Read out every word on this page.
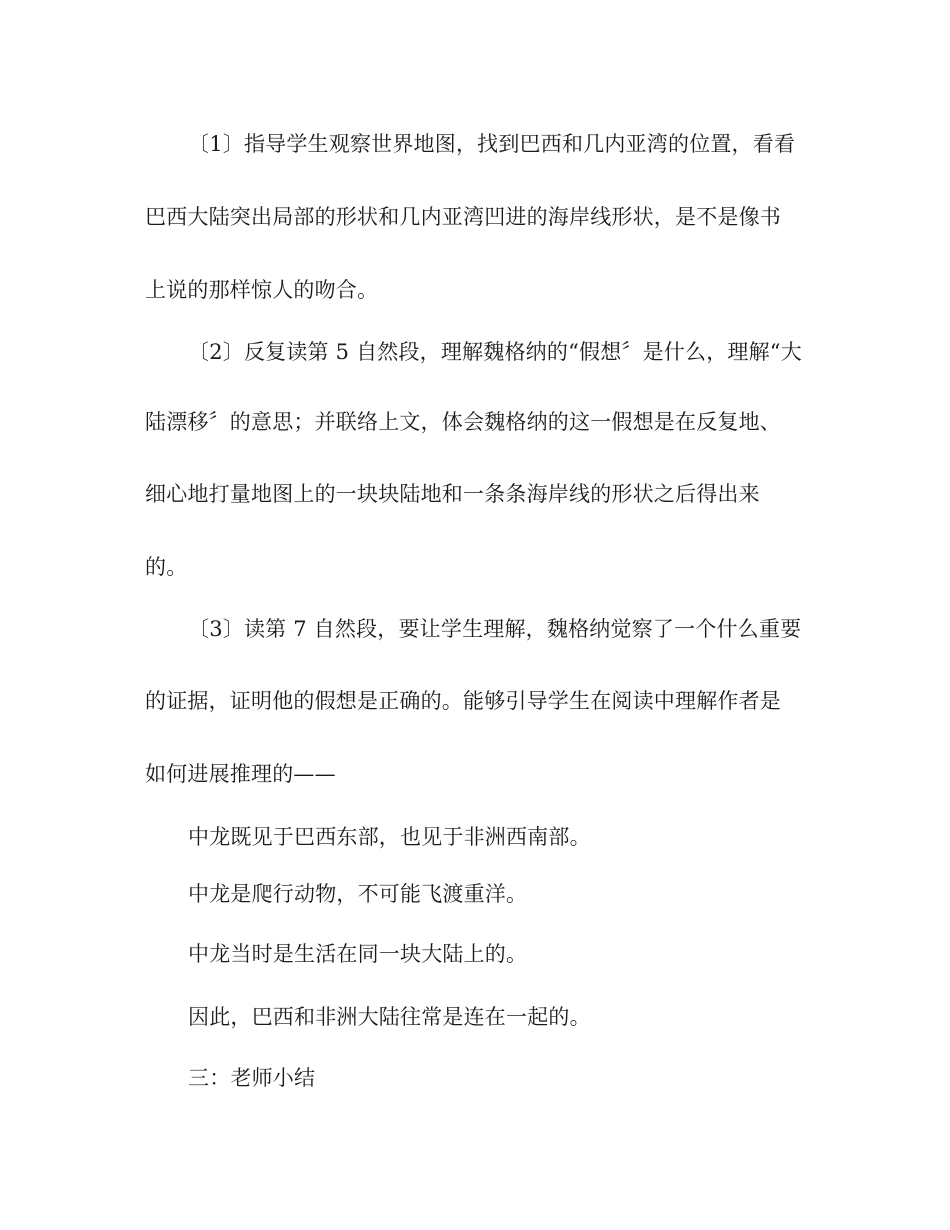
〔1〕指导学生观察世界地图，找到巴西和几内亚湾的位置，看看
巴西大陆突出局部的形状和几内亚湾凹进的海岸线形状，是不是像书
上说的那样惊人的吻合。
〔2〕反复读第 5 自然段，理解魏格纳的“假想〞是什么，理解“大
陆漂移〞的意思；并联络上文，体会魏格纳的这一假想是在反复地、
细心地打量地图上的一块块陆地和一条条海岸线的形状之后得出来
的。
〔3〕读第 7 自然段，要让学生理解，魏格纳觉察了一个什么重要
的证据，证明他的假想是正确的。能够引导学生在阅读中理解作者是
如何进展推理的——
中龙既见于巴西东部，也见于非洲西南部。
中龙是爬行动物，不可能飞渡重洋。
中龙当时是生活在同一块大陆上的。
因此，巴西和非洲大陆往常是连在一起的。
三：老师小结
